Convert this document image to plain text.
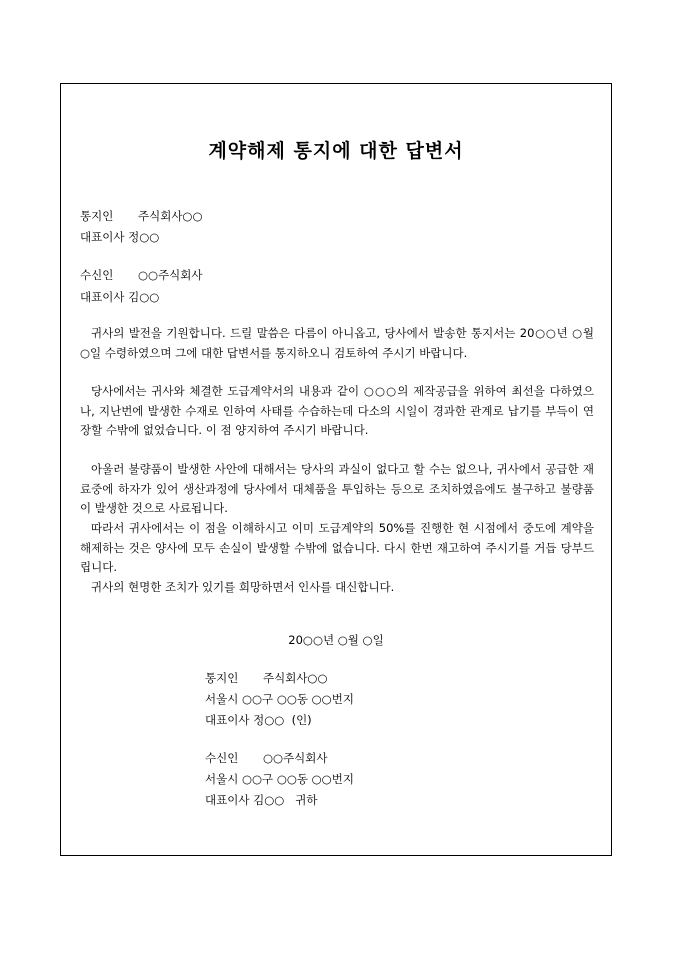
계약해제 통지에 대한 답변서
통지인 주식회사○○
대표이사 정○○
수신인 ○○주식회사
대표이사 김○○
귀사의 발전을 기원합니다. 드릴 말씀은 다름이 아니옵고, 당사에서 발송한 통지서는 20○○년 ○월 ○일 수령하였으며 그에 대한 답변서를 통지하오니 검토하여 주시기 바랍니다.
당사에서는 귀사와 체결한 도급계약서의 내용과 같이 ○○○의 제작공급을 위하여 최선을 다하였으나, 지난번에 발생한 수재로 인하여 사태를 수습하는데 다소의 시일이 경과한 관계로 납기를 부득이 연장할 수밖에 없었습니다. 이 점 양지하여 주시기 바랍니다.
아울러 불량품이 발생한 사안에 대해서는 당사의 과실이 없다고 할 수는 없으나, 귀사에서 공급한 재료중에 하자가 있어 생산과정에 당사에서 대체품을 투입하는 등으로 조치하였음에도 불구하고 불량품이 발생한 것으로 사료됩니다.
따라서 귀사에서는 이 점을 이해하시고 이미 도급계약의 50%를 진행한 현 시점에서 중도에 계약을 해제하는 것은 양사에 모두 손실이 발생할 수밖에 없습니다. 다시 한번 재고하여 주시기를 거듭 당부드립니다.
귀사의 현명한 조치가 있기를 희망하면서 인사를 대신합니다.
20○○년 ○월 ○일
통지인 주식회사○○
서울시 ○○구 ○○동 ○○번지
대표이사 정○○  (인)
수신인 ○○주식회사
서울시 ○○구 ○○동 ○○번지
대표이사 김○○   귀하
